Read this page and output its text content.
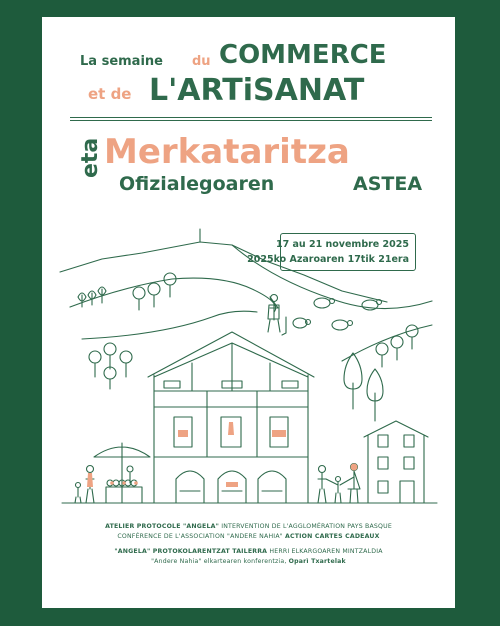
La semaine du COMMERCE
et de L'ARTiSANAT
eta Merkataritza
Ofizialegoaren	ASTEA
17 au 21 novembre 2025
2025ko Azaroaren 17tik 21era
ATELIER PROTOCOLE "ANGELA" INTERVENTION DE L'AGGLOMÉRATION PAYS BASQUE
CONFÉRENCE DE L'ASSOCIATION "ANDERE NAHIA" ACTION CARTES CADEAUX
"ANGELA" PROTOKOLARENTZAT TAILERRA HERRI ELKARGOAREN MINTZALDIA
"Andere Nahia" elkartearen konferentzia, Oparì Txartelak
